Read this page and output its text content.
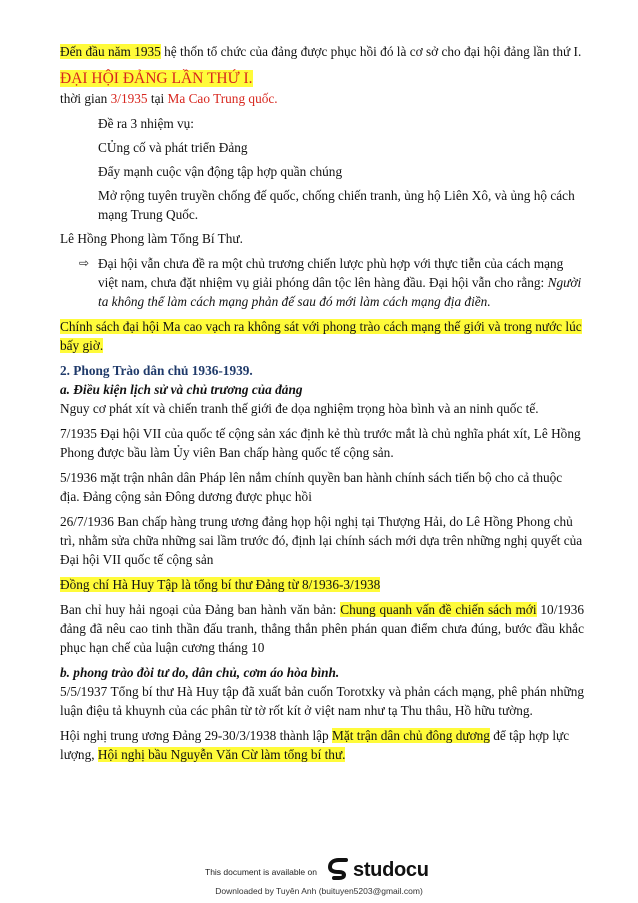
Đến đầu năm 1935 hệ thốn tổ chức của đảng được phục hồi đó là cơ sở cho đại hội đảng lần thứ I.

ĐẠI HỘI ĐẢNG LẦN THỨ I.

thời gian 3/1935 tại Ma Cao Trung quốc.

Đề ra 3 nhiệm vụ:

CỦng cố và phát triển Đảng

Đẩy mạnh cuộc vận động tập hợp quần chúng

Mở rộng tuyên truyền chống đế quốc, chống chiến tranh, ủng hộ Liên Xô, và ủng hộ cách mạng Trung Quốc.

Lê Hồng Phong làm Tổng Bí Thư.

⇨ Đại hội vẫn chưa đề ra một chủ trương chiến lược phù hợp với thực tiễn của cách mạng việt nam, chưa đặt nhiệm vụ giải phóng dân tộc lên hàng đầu. Đại hội vẫn cho rằng: Người ta không thể làm cách mạng phản đế sau đó mới làm cách mạng địa điền.

Chính sách đại hội Ma cao vạch ra không sát với phong trào cách mạng thế giới và trong nước lúc bấy giờ.

2. Phong Trào dân chủ 1936-1939.

a. Điều kiện lịch sử và chủ trương của đảng

Nguy cơ phát xít và chiến tranh thế giới đe dọa nghiệm trọng hòa bình và an ninh quốc tế.

7/1935 Đại hội VII của quốc tế cộng sản xác định kẻ thù trước mắt là chủ nghĩa phát xít, Lê Hồng Phong được bầu làm Ủy viên Ban chấp hàng quốc tế cộng sản.

5/1936 mặt trận nhân dân Pháp lên nắm chính quyền ban hành chính sách tiến bộ cho cả thuộc địa. Đảng cộng sản Đông dương được phục hồi

26/7/1936 Ban chấp hàng trung ương đảng họp hội nghị tại Thượng Hải, do Lê Hồng Phong chủ trì, nhằm sửa chữa những sai lầm trước đó, định lại chính sách mới dựa trên những nghị quyết của Đại hội VII quốc tế cộng sản

Đồng chí Hà Huy Tập là tổng bí thư Đảng từ 8/1936-3/1938

Ban chỉ huy hải ngoại của Đảng ban hành văn bản: Chung quanh vấn đề chiến sách mới 10/1936 đảng đã nêu cao tinh thần đấu tranh, thẳng thắn phên phán quan điểm chưa đúng, bước đầu khắc phục hạn chế của luận cương tháng 10

b. phong trào đòi tư do, dân chủ, cơm áo hòa bình.

5/5/1937 Tổng bí thư Hà Huy tập đã xuất bản cuốn Torotxky và phản cách mạng, phê phán những luận điệu tả khuynh của các phân từ tờ rốt kít ở việt nam như tạ Thu thâu, Hồ hữu tường.

Hội nghị trung ương Đảng 29-30/3/1938 thành lập Mặt trận dân chủ đông dương để tập hợp lực lượng, Hội nghị bầu Nguyễn Văn Cừ làm tổng bí thư.

This document is available on studocu
Downloaded by Tuyên Anh (buituyen5203@gmail.com)
